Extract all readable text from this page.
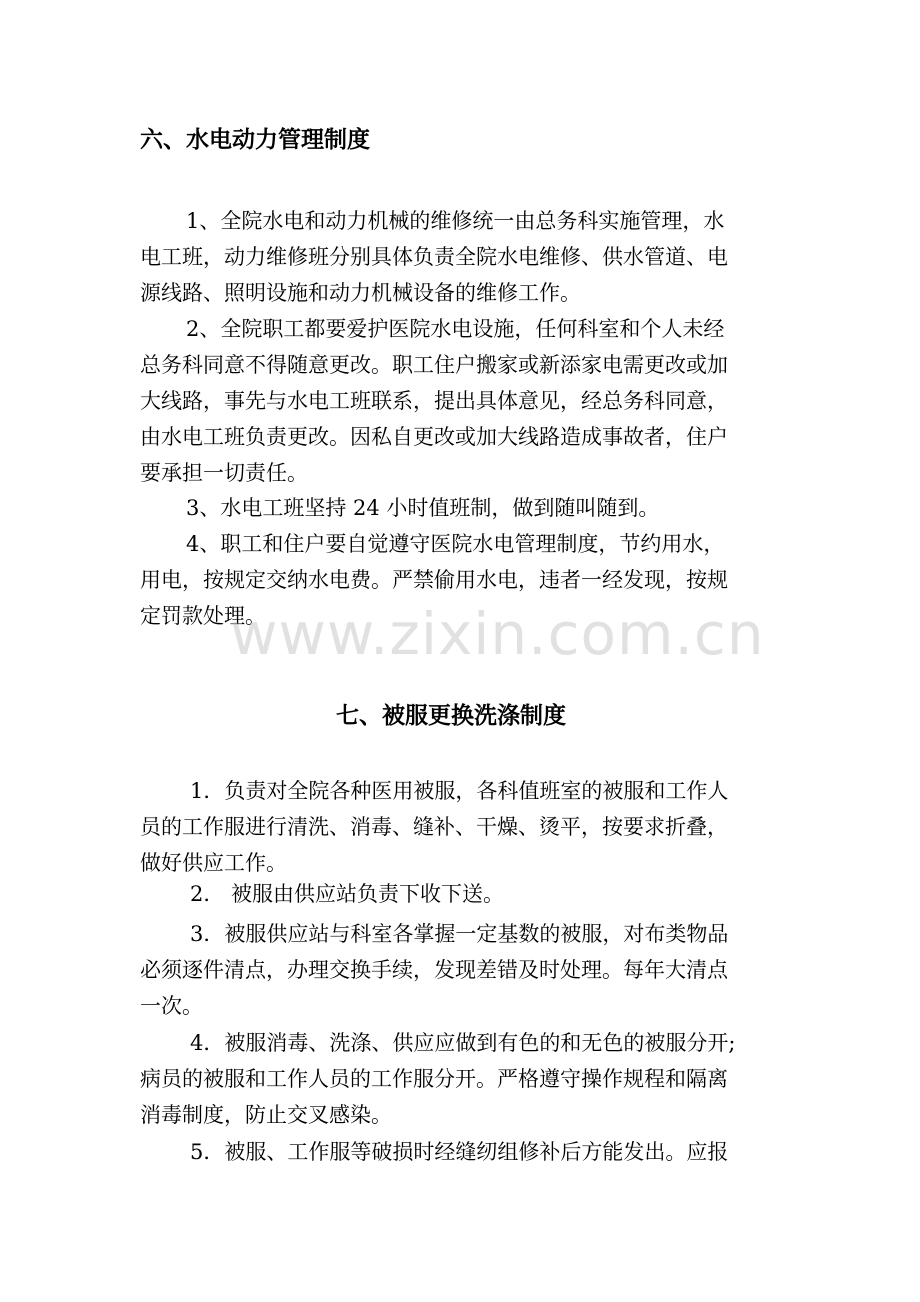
六、水电动力管理制度
1、全院水电和动力机械的维修统一由总务科实施管理，水
电工班，动力维修班分别具体负责全院水电维修、供水管道、电
源线路、照明设施和动力机械设备的维修工作。
2、全院职工都要爱护医院水电设施，任何科室和个人未经
总务科同意不得随意更改。职工住户搬家或新添家电需更改或加
大线路，事先与水电工班联系，提出具体意见，经总务科同意，
由水电工班负责更改。因私自更改或加大线路造成事故者，住户
要承担一切责任。
3、水电工班坚持 24 小时值班制，做到随叫随到。
4、职工和住户要自觉遵守医院水电管理制度，节约用水，
用电，按规定交纳水电费。严禁偷用水电，违者一经发现，按规
定罚款处理。
www.zixin.com.cn
七、被服更换洗涤制度
1．负责对全院各种医用被服，各科值班室的被服和工作人
员的工作服进行清洗、消毒、缝补、干燥、烫平，按要求折叠，
做好供应工作。
2． 被服由供应站负责下收下送。
3．被服供应站与科室各掌握一定基数的被服，对布类物品
必须逐件清点，办理交换手续，发现差错及时处理。每年大清点
一次。
4．被服消毒、洗涤、供应应做到有色的和无色的被服分开;
病员的被服和工作人员的工作服分开。严格遵守操作规程和隔离
消毒制度，防止交叉感染。
5．被服、工作服等破损时经缝纫组修补后方能发出。应报
